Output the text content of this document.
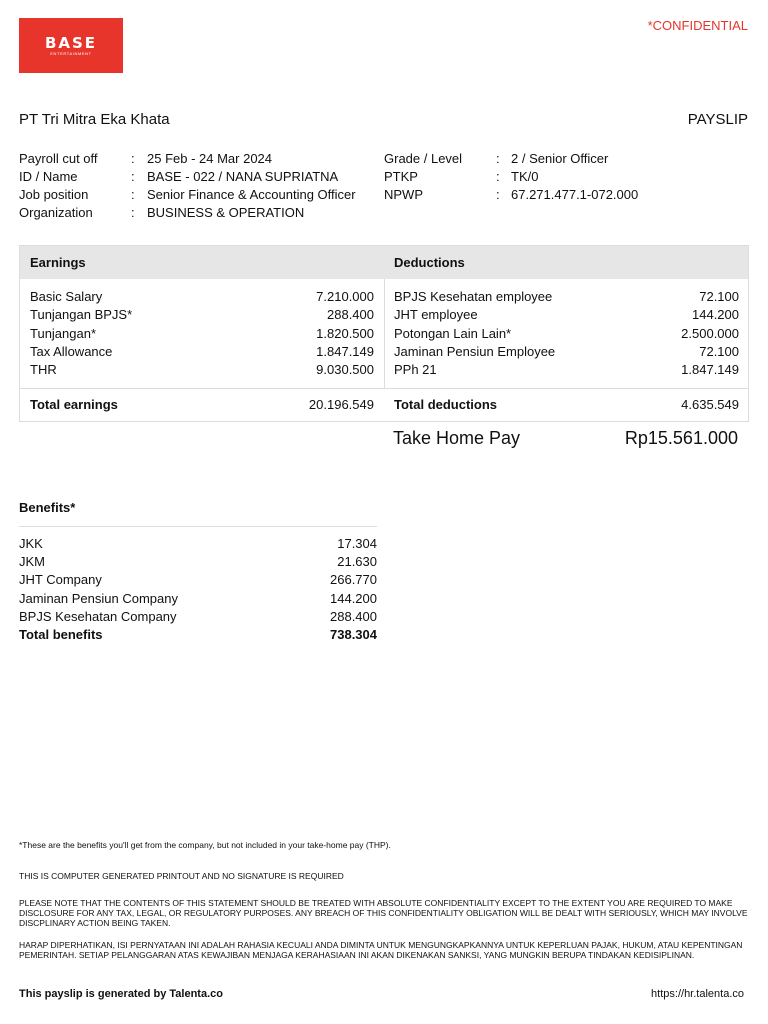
BASE
ENTERTAINMENT
*CONFIDENTIAL
PT Tri Mitra Eka Khata	PAYSLIP
Payroll cut off	: 25 Feb - 24 Mar 2024
ID / Name	: BASE - 022 / NANA SUPRIATNA
Job position	: Senior Finance & Accounting Officer
Organization	: BUSINESS & OPERATION
Grade / Level	: 2 / Senior Officer
PTKP	: TK/0
NPWP	: 67.271.477.1-072.000
Earnings	Deductions
Basic Salary	7.210.000
Tunjangan BPJS*	288.400
Tunjangan*	1.820.500
Tax Allowance	1.847.149
THR	9.030.500
BPJS Kesehatan employee	72.100
JHT employee	144.200
Potongan Lain Lain*	2.500.000
Jaminan Pensiun Employee	72.100
PPh 21	1.847.149
Total earnings	20.196.549 Total deductions	4.635.549
Take Home Pay	Rp15.561.000
Benefits*
JKK	17.304
JKM	21.630
JHT Company	266.770
Jaminan Pensiun Company	144.200
BPJS Kesehatan Company	288.400
Total benefits	738.304
*These are the benefits you'll get from the company, but not included in your take-home pay (THP).
THIS IS COMPUTER GENERATED PRINTOUT AND NO SIGNATURE IS REQUIRED
PLEASE NOTE THAT THE CONTENTS OF THIS STATEMENT SHOULD BE TREATED WITH ABSOLUTE CONFIDENTIALITY EXCEPT TO THE EXTENT YOU ARE REQUIRED TO MAKE DISCLOSURE FOR ANY TAX, LEGAL, OR REGULATORY PURPOSES. ANY BREACH OF THIS CONFIDENTIALITY OBLIGATION WILL BE DEALT WITH SERIOUSLY, WHICH MAY INVOLVE DISCPLINARY ACTION BEING TAKEN.
HARAP DIPERHATIKAN, ISI PERNYATAAN INI ADALAH RAHASIA KECUALI ANDA DIMINTA UNTUK MENGUNGKAPKANNYA UNTUK KEPERLUAN PAJAK, HUKUM, ATAU KEPENTINGAN PEMERINTAH. SETIAP PELANGGARAN ATAS KEWAJIBAN MENJAGA KERAHASIAAN INI AKAN DIKENAKAN SANKSI, YANG MUNGKIN BERUPA TINDAKAN KEDISIPLINAN.
This payslip is generated by Talenta.co	https://hr.talenta.co
